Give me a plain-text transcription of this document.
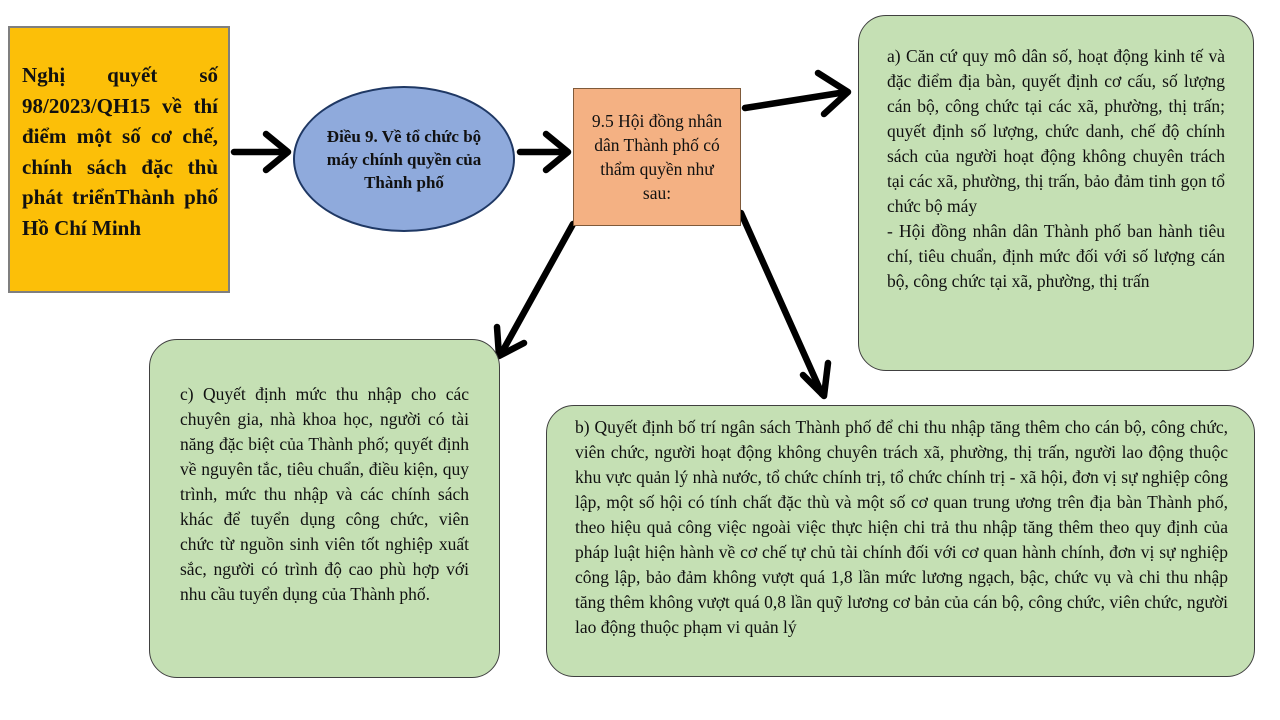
Nghị quyết số 98/2023/QH15 về thí điểm một số cơ chế, chính sách đặc thù phát triểnThành phố Hồ Chí Minh
Điều 9. Về tổ chức bộ máy chính quyền của Thành phố
9.5 Hội đồng nhân dân Thành phố có thẩm quyền như sau:

a) Căn cứ quy mô dân số, hoạt động kinh tế và đặc điểm địa bàn, quyết định cơ cấu, số lượng cán bộ, công chức tại các xã, phường, thị trấn; quyết định số lượng, chức danh, chế độ chính sách của người hoạt động không chuyên trách tại các xã, phường, thị trấn, bảo đảm tinh gọn tổ chức bộ máy

- Hội đồng nhân dân Thành phố ban hành tiêu chí, tiêu chuẩn, định mức đối với số lượng cán bộ, công chức tại xã, phường, thị trấn

b) Quyết định bố trí ngân sách Thành phố để chi thu nhập tăng thêm cho cán bộ, công chức, viên chức, người hoạt động không chuyên trách xã, phường, thị trấn, người lao động thuộc khu vực quản lý nhà nước, tổ chức chính trị, tổ chức chính trị - xã hội, đơn vị sự nghiệp công lập, một số hội có tính chất đặc thù và một số cơ quan trung ương trên địa bàn Thành phố, theo hiệu quả công việc ngoài việc thực hiện chi trả thu nhập tăng thêm theo quy định của pháp luật hiện hành về cơ chế tự chủ tài chính đối với cơ quan hành chính, đơn vị sự nghiệp công lập, bảo đảm không vượt quá 1,8 lần mức lương ngạch, bậc, chức vụ và chi thu nhập tăng thêm không vượt quá 0,8 lần quỹ lương cơ bản của cán bộ, công chức, viên chức, người lao động thuộc phạm vi quản lý

c) Quyết định mức thu nhập cho các chuyên gia, nhà khoa học, người có tài năng đặc biệt của Thành phố; quyết định về nguyên tắc, tiêu chuẩn, điều kiện, quy trình, mức thu nhập và các chính sách khác để tuyển dụng công chức, viên chức từ nguồn sinh viên tốt nghiệp xuất sắc, người có trình độ cao phù hợp với nhu cầu tuyển dụng của Thành phố.
